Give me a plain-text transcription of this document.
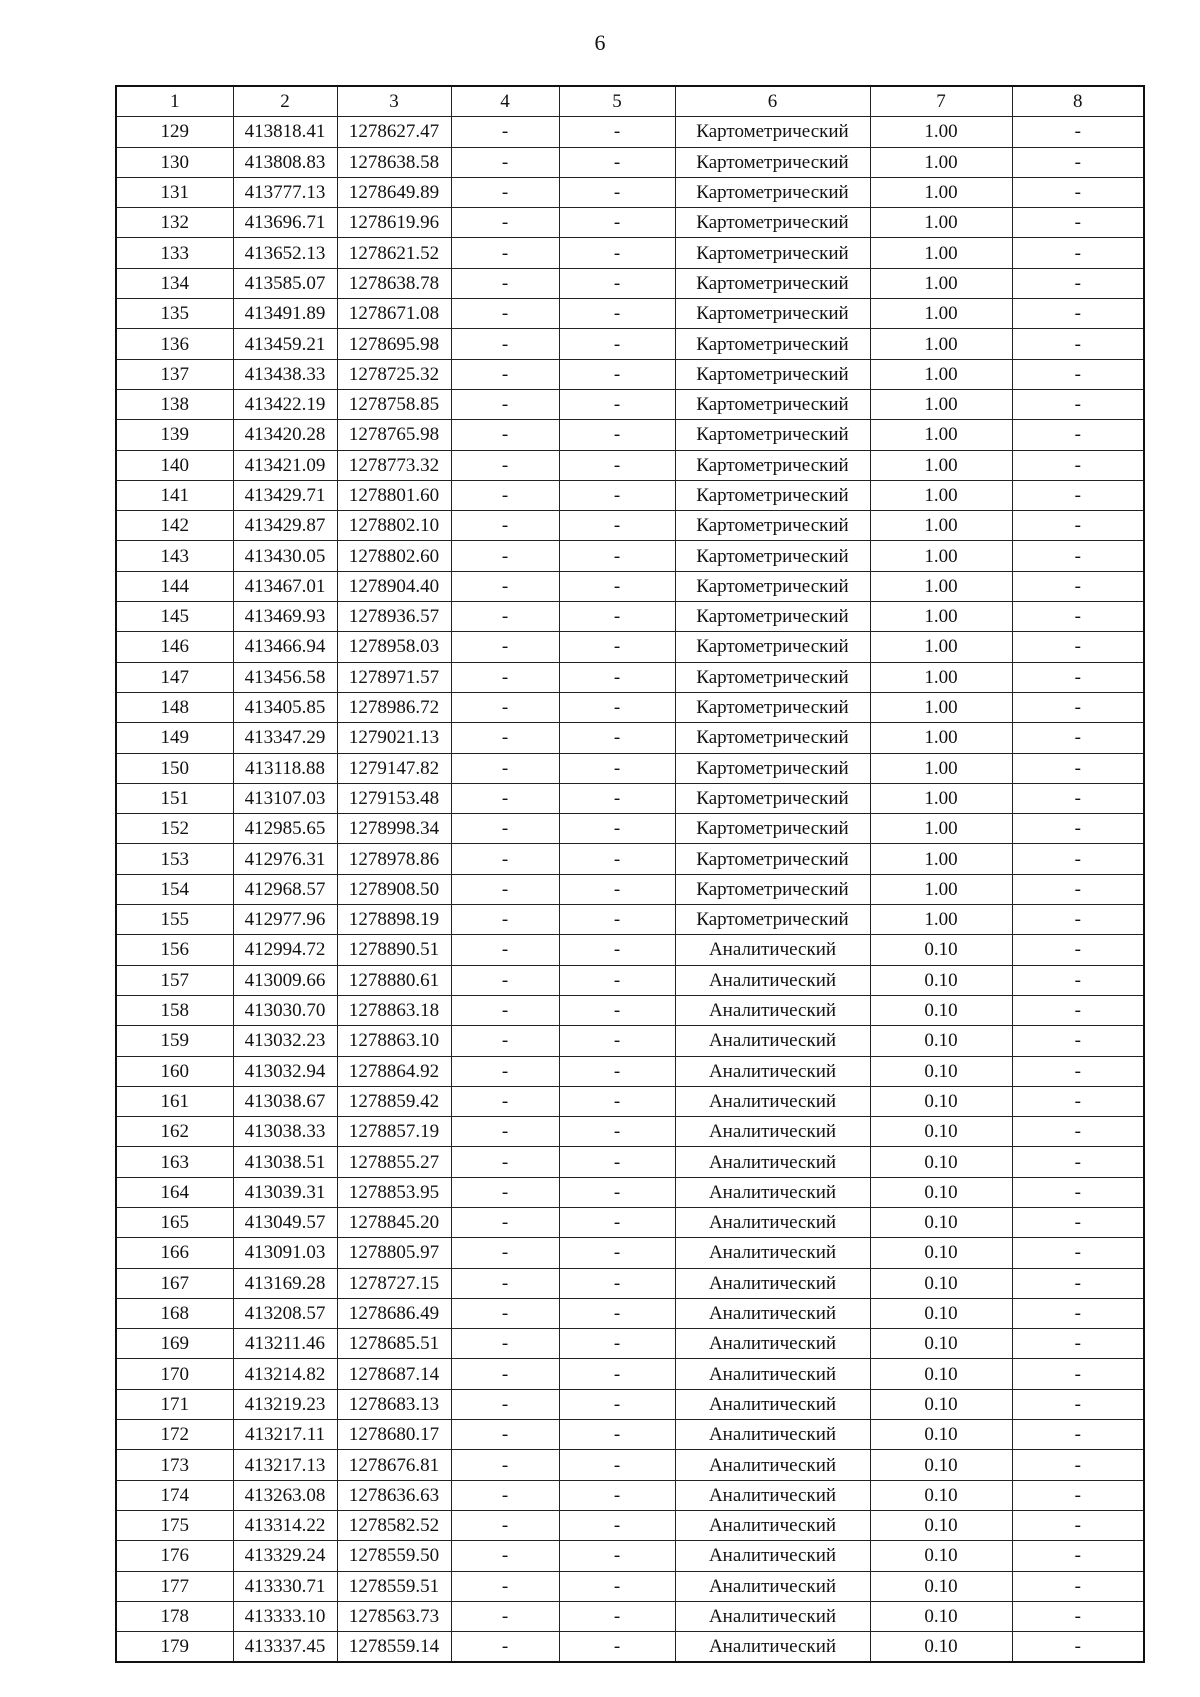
6
1	2	3	4	5	6	7	8
129	413818.41	1278627.47	-	-	Картометрический	1.00	-
130	413808.83	1278638.58	-	-	Картометрический	1.00	-
131	413777.13	1278649.89	-	-	Картометрический	1.00	-
132	413696.71	1278619.96	-	-	Картометрический	1.00	-
133	413652.13	1278621.52	-	-	Картометрический	1.00	-
134	413585.07	1278638.78	-	-	Картометрический	1.00	-
135	413491.89	1278671.08	-	-	Картометрический	1.00	-
136	413459.21	1278695.98	-	-	Картометрический	1.00	-
137	413438.33	1278725.32	-	-	Картометрический	1.00	-
138	413422.19	1278758.85	-	-	Картометрический	1.00	-
139	413420.28	1278765.98	-	-	Картометрический	1.00	-
140	413421.09	1278773.32	-	-	Картометрический	1.00	-
141	413429.71	1278801.60	-	-	Картометрический	1.00	-
142	413429.87	1278802.10	-	-	Картометрический	1.00	-
143	413430.05	1278802.60	-	-	Картометрический	1.00	-
144	413467.01	1278904.40	-	-	Картометрический	1.00	-
145	413469.93	1278936.57	-	-	Картометрический	1.00	-
146	413466.94	1278958.03	-	-	Картометрический	1.00	-
147	413456.58	1278971.57	-	-	Картометрический	1.00	-
148	413405.85	1278986.72	-	-	Картометрический	1.00	-
149	413347.29	1279021.13	-	-	Картометрический	1.00	-
150	413118.88	1279147.82	-	-	Картометрический	1.00	-
151	413107.03	1279153.48	-	-	Картометрический	1.00	-
152	412985.65	1278998.34	-	-	Картометрический	1.00	-
153	412976.31	1278978.86	-	-	Картометрический	1.00	-
154	412968.57	1278908.50	-	-	Картометрический	1.00	-
155	412977.96	1278898.19	-	-	Картометрический	1.00	-
156	412994.72	1278890.51	-	-	Аналитический	0.10	-
157	413009.66	1278880.61	-	-	Аналитический	0.10	-
158	413030.70	1278863.18	-	-	Аналитический	0.10	-
159	413032.23	1278863.10	-	-	Аналитический	0.10	-
160	413032.94	1278864.92	-	-	Аналитический	0.10	-
161	413038.67	1278859.42	-	-	Аналитический	0.10	-
162	413038.33	1278857.19	-	-	Аналитический	0.10	-
163	413038.51	1278855.27	-	-	Аналитический	0.10	-
164	413039.31	1278853.95	-	-	Аналитический	0.10	-
165	413049.57	1278845.20	-	-	Аналитический	0.10	-
166	413091.03	1278805.97	-	-	Аналитический	0.10	-
167	413169.28	1278727.15	-	-	Аналитический	0.10	-
168	413208.57	1278686.49	-	-	Аналитический	0.10	-
169	413211.46	1278685.51	-	-	Аналитический	0.10	-
170	413214.82	1278687.14	-	-	Аналитический	0.10	-
171	413219.23	1278683.13	-	-	Аналитический	0.10	-
172	413217.11	1278680.17	-	-	Аналитический	0.10	-
173	413217.13	1278676.81	-	-	Аналитический	0.10	-
174	413263.08	1278636.63	-	-	Аналитический	0.10	-
175	413314.22	1278582.52	-	-	Аналитический	0.10	-
176	413329.24	1278559.50	-	-	Аналитический	0.10	-
177	413330.71	1278559.51	-	-	Аналитический	0.10	-
178	413333.10	1278563.73	-	-	Аналитический	0.10	-
179	413337.45	1278559.14	-	-	Аналитический	0.10	-
